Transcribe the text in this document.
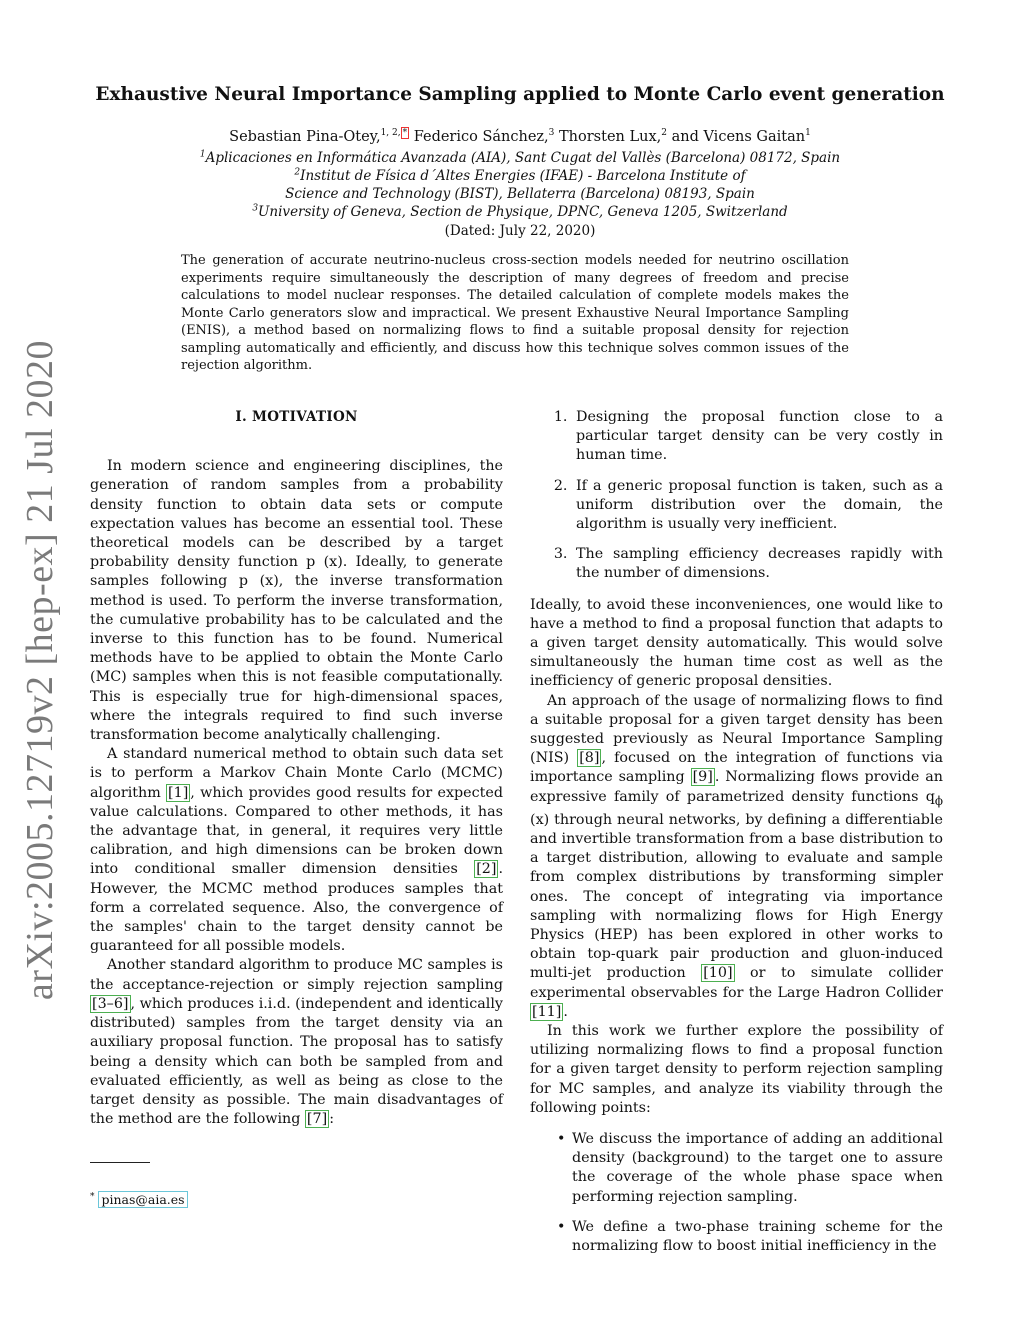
arXiv:2005.12719v2 [hep-ex] 21 Jul 2020
Exhaustive Neural Importance Sampling applied to Monte Carlo event generation
Sebastian Pina-Otey,$^{1, 2,}$ * Federico Sánchez,$^3$ Thorsten Lux,$^2$ and Vicens Gaitan$^1$
$^1$Aplicaciones en Informática Avanzada (AIA), Sant Cugat del Vallès (Barcelona) 08172, Spain
$^2$Institut de Física d´Altes Energies (IFAE) - Barcelona Institute of
Science and Technology (BIST), Bellaterra (Barcelona) 08193, Spain
$^3$University of Geneva, Section de Physique, DPNC, Geneva 1205, Switzerland
(Dated: July 22, 2020)
The generation of accurate neutrino-nucleus cross-section models needed for neutrino oscillation experiments require simultaneously the description of many degrees of freedom and precise calculations to model nuclear responses. The detailed calculation of complete models makes the Monte Carlo generators slow and impractical. We present Exhaustive Neural Importance Sampling (ENIS), a method based on normalizing flows to find a suitable proposal density for rejection sampling automatically and efficiently, and discuss how this technique solves common issues of the rejection algorithm.
I. MOTIVATION

In modern science and engineering disciplines, the generation of random samples from a probability density function to obtain data sets or compute expectation values has become an essential tool. These theoretical models can be described by a target probability density function p (x). Ideally, to generate samples following p (x), the inverse transformation method is used. To perform the inverse transformation, the cumulative probability has to be calculated and the inverse to this function has to be found. Numerical methods have to be applied to obtain the Monte Carlo (MC) samples when this is not feasible computationally. This is especially true for high-dimensional spaces, where the integrals required to find such inverse transformation become analytically challenging.

A standard numerical method to obtain such data set is to perform a Markov Chain Monte Carlo (MCMC) algorithm [1] , which provides good results for expected value calculations. Compared to other methods, it has the advantage that, in general, it requires very little calibration, and high dimensions can be broken down into conditional smaller dimension densities [2] . However, the MCMC method produces samples that form a correlated sequence. Also, the convergence of the samples' chain to the target density cannot be guaranteed for all possible models.

Another standard algorithm to produce MC samples is the acceptance-rejection or simply rejection sampling [3–6] , which produces i.i.d. (independent and identically distributed) samples from the target density via an auxiliary proposal function. The proposal has to satisfy being a density which can both be sampled from and evaluated efficiently, as well as being as close to the target density as possible. The main disadvantages of the method are the following [7] :

1. Designing the proposal function close to a particular target density can be very costly in human time.
2. If a generic proposal function is taken, such as a uniform distribution over the domain, the algorithm is usually very inefficient.
3. The sampling efficiency decreases rapidly with the number of dimensions.

Ideally, to avoid these inconveniences, one would like to have a method to find a proposal function that adapts to a given target density automatically. This would solve simultaneously the human time cost as well as the inefficiency of generic proposal densities.

An approach of the usage of normalizing flows to find a suitable proposal for a given target density has been suggested previously as Neural Importance Sampling (NIS) [8] , focused on the integration of functions via importance sampling [9] . Normalizing flows provide an expressive family of parametrized density functions $q_\phi$ (x) through neural networks, by defining a differentiable and invertible transformation from a base distribution to a target distribution, allowing to evaluate and sample from complex distributions by transforming simpler ones. The concept of integrating via importance sampling with normalizing flows for High Energy Physics (HEP) has been explored in other works to obtain top-quark pair production and gluon-induced multi-jet production [10] or to simulate collider experimental observables for the Large Hadron Collider [11] .

In this work we further explore the possibility of utilizing normalizing flows to find a proposal function for a given target density to perform rejection sampling for MC samples, and analyze its viability through the following points:

• We discuss the importance of adding an additional density (background) to the target one to assure the coverage of the whole phase space when performing rejection sampling.
• We define a two-phase training scheme for the normalizing flow to boost initial inefficiency in the
* pinas@aia.es
